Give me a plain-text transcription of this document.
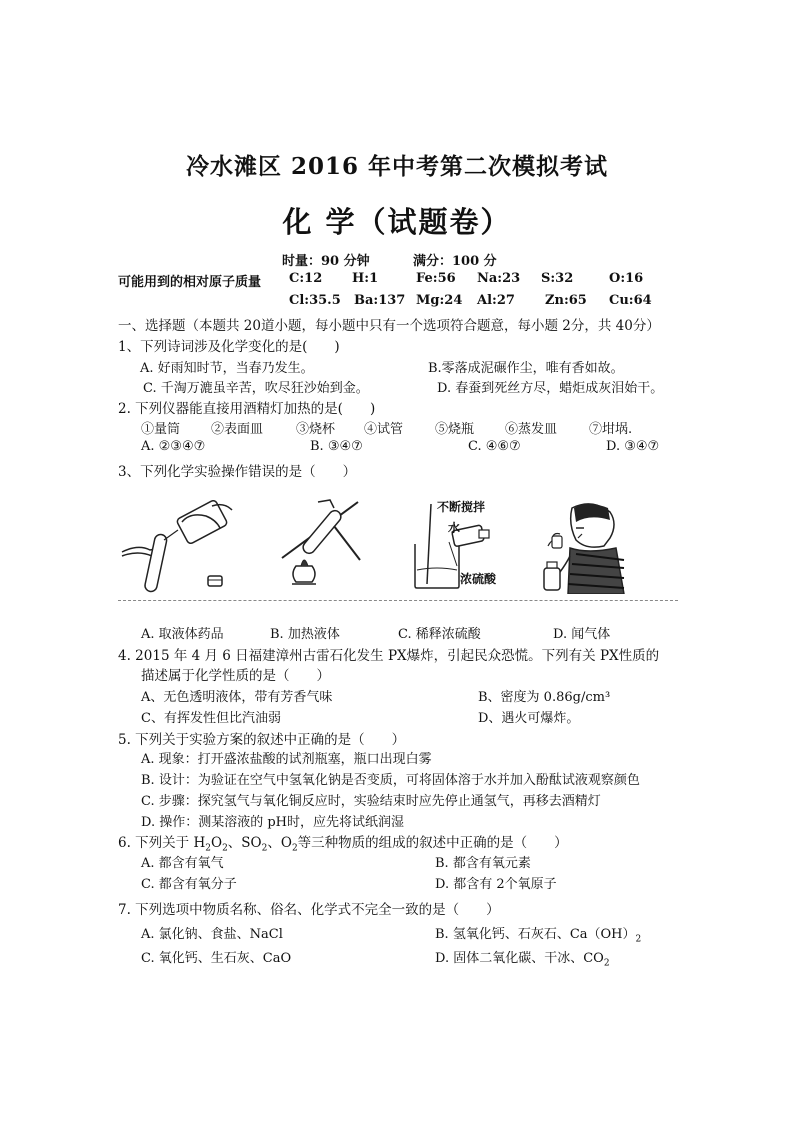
冷水滩区 2016 年中考第二次模拟考试
化 学（试题卷）
时量：90 分钟	满分：100 分
可能用到的相对原子质量 C:12 H:1	Fe:56 Na:23 S:32	O:16
Cl:35.5 Ba:137 Mg:24 Al:27 Zn:65 Cu:64
一、选择题（本题共 20道小题，每小题中只有一个选项符合题意，每小题 2分，共 40分）
1、下列诗词涉及化学变化的是(　　)
A. 好雨知时节，当春乃发生。	B.零落成泥碾作尘，唯有香如故。
C. 千淘万漉虽辛苦，吹尽狂沙始到金。	D. 春蚕到死丝方尽，蜡炬成灰泪始干。
2. 下列仪器能直接用酒精灯加热的是(　　)
①量筒 ②表面皿	③烧杯 ④试管 ⑤烧瓶 ⑥蒸发皿 ⑦坩埚.
A. ②③④⑦	B. ③④⑦	C. ④⑥⑦	D. ③④⑦
3、下列化学实验操作错误的是（　　）
不断搅拌
水
浓硫酸
A. 取液体药品	B. 加热液体	C. 稀释浓硫酸	D. 闻气体
4. 2015 年 4 月 6 日福建漳州古雷石化发生 PX爆炸，引起民众恐慌。下列有关 PX性质的
描述属于化学性质的是（　　）
A、无色透明液体，带有芳香气味	B、密度为 0.86g/cm³
C、有挥发性但比汽油弱	D、遇火可爆炸。
5. 下列关于实验方案的叙述中正确的是（　　）
A. 现象：打开盛浓盐酸的试剂瓶塞，瓶口出现白雾
B. 设计：为验证在空气中氢氧化钠是否变质，可将固体溶于水并加入酚酞试液观察颜色
C. 步骤：探究氢气与氧化铜反应时，实验结束时应先停止通氢气，再移去酒精灯
D. 操作：测某溶液的 pH时，应先将试纸润湿
6. 下列关于 $H_2O_2$、$SO_2$、$O_2$等三种物质的组成的叙述中正确的是（　　）
A. 都含有氧气	B. 都含有氧元素
C. 都含有氧分子	D. 都含有 2个氧原子
7. 下列选项中物质名称、俗名、化学式不完全一致的是（　　）
A. 氯化钠、食盐、NaCl	B. 氢氧化钙、石灰石、$Ca(OH)_2$
C. 氧化钙、生石灰、CaO	D. 固体二氧化碳、干冰、$CO_2$
